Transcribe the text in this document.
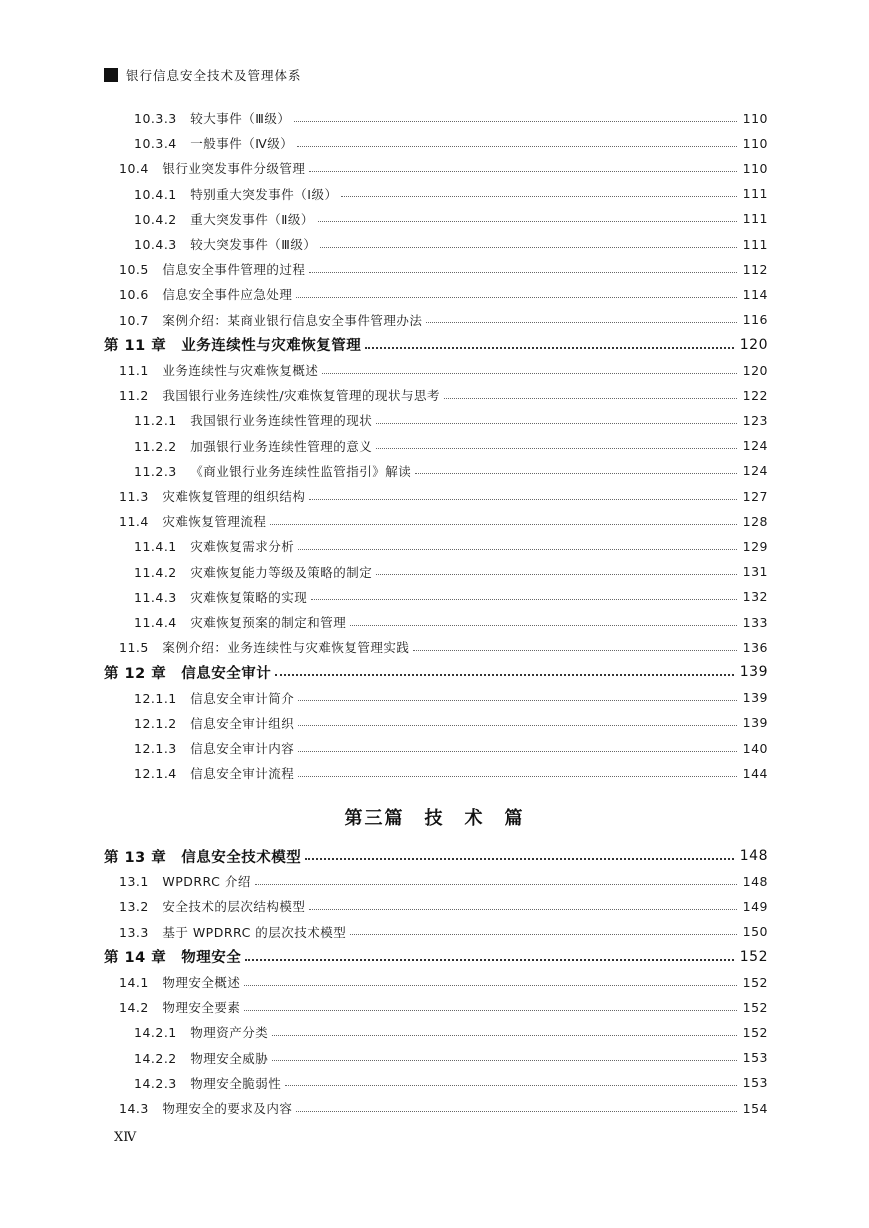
银行信息安全技术及管理体系
10.3.3   较大事件（Ⅲ级）	110
10.3.4   一般事件（Ⅳ级）	110
10.4   银行业突发事件分级管理	110
10.4.1   特别重大突发事件（Ⅰ级）	111
10.4.2   重大突发事件（Ⅱ级）	111
10.4.3   较大突发事件（Ⅲ级）	111
10.5   信息安全事件管理的过程	112
10.6   信息安全事件应急处理	114
10.7   案例介绍：某商业银行信息安全事件管理办法	116
第 11 章　 业务连续性与灾难恢复管理	120
11.1   业务连续性与灾难恢复概述	120
11.2   我国银行业务连续性/灾难恢复管理的现状与思考	122
11.2.1   我国银行业务连续性管理的现状	123
11.2.2   加强银行业务连续性管理的意义	124
11.2.3   《商业银行业务连续性监管指引》解读	124
11.3   灾难恢复管理的组织结构	127
11.4   灾难恢复管理流程	128
11.4.1   灾难恢复需求分析	129
11.4.2   灾难恢复能力等级及策略的制定	131
11.4.3   灾难恢复策略的实现	132
11.4.4   灾难恢复预案的制定和管理	133
11.5   案例介绍：业务连续性与灾难恢复管理实践	136
第 12 章　 信息安全审计	139
12.1.1   信息安全审计简介	139
12.1.2   信息安全审计组织	139
12.1.3   信息安全审计内容	140
12.1.4   信息安全审计流程	144
第 13 章　 信息安全技术模型	148
13.1   WPDRRC 介绍	148
13.2   安全技术的层次结构模型	149
13.3   基于 WPDRRC 的层次技术模型	150
第 14 章　 物理安全	152
14.1   物理安全概述	152
14.2   物理安全要素	152
14.2.1   物理资产分类	152
14.2.2   物理安全威胁	153
14.2.3   物理安全脆弱性	153
14.3   物理安全的要求及内容	154
第三篇　技　术　篇
ⅩⅣ
